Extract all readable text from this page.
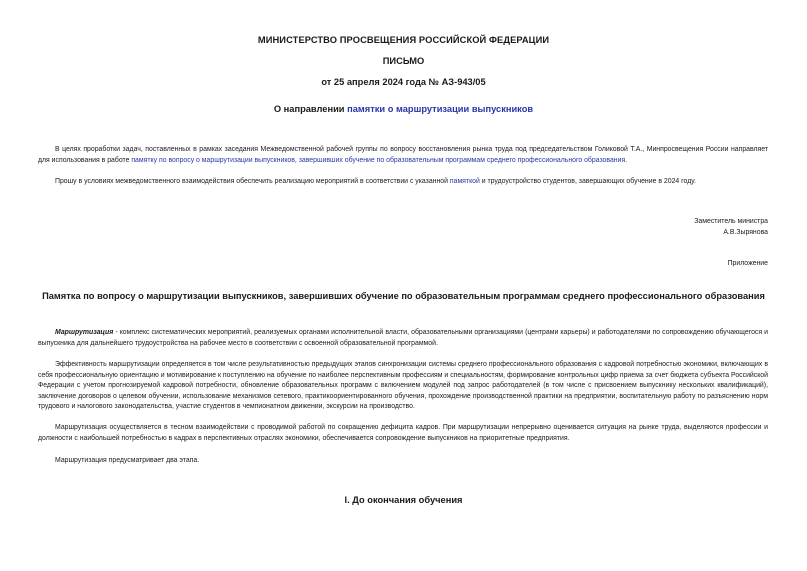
МИНИСТЕРСТВО ПРОСВЕЩЕНИЯ РОССИЙСКОЙ ФЕДЕРАЦИИ
ПИСЬМО
от 25 апреля 2024 года № АЗ-943/05
О направлении памятки о маршрутизации выпускников
В целях проработки задач, поставленных в рамках заседания Межведомственной рабочей группы по вопросу восстановления рынка труда под председательством Голиковой Т.А., Минпросвещения России направляет для использования в работе памятку по вопросу о маршрутизации выпускников, завершивших обучение по образовательным программам среднего профессионального образования.
Прошу в условиях межведомственного взаимодействия обеспечить реализацию мероприятий в соответствии с указанной памяткой и трудоустройство студентов, завершающих обучение в 2024 году.
Заместитель министра
А.В.Зырянова
Приложение
Памятка по вопросу о маршрутизации выпускников, завершивших обучение по образовательным программам среднего профессионального образования
Маршрутизация - комплекс систематических мероприятий, реализуемых органами исполнительной власти, образовательными организациями (центрами карьеры) и работодателями по сопровождению обучающегося и выпускника для дальнейшего трудоустройства на рабочее место в соответствии с освоенной образовательной программой.
Эффективность маршрутизации определяется в том числе результативностью предыдущих этапов синхронизации системы среднего профессионального образования с кадровой потребностью экономики, включающих в себя профессиональную ориентацию и мотивирование к поступлению на обучение по наиболее перспективным профессиям и специальностям, формирование контрольных цифр приема за счет бюджета субъекта Российской Федерации с учетом прогнозируемой кадровой потребности, обновление образовательных программ с включением модулей под запрос работодателей (в том числе с присвоением выпускнику нескольких квалификаций), заключение договоров о целевом обучении, использование механизмов сетевого, практикоориентированного обучения, прохождение производственной практики на предприятии, воспитательную работу по разъяснению норм трудового и налогового законодательства, участие студентов в чемпионатном движении, экскурсии на производство.
Маршрутизация осуществляется в тесном взаимодействии с проводимой работой по сокращению дефицита кадров. При маршрутизации непрерывно оценивается ситуация на рынке труда, выделяются профессии и должности с наибольшей потребностью в кадрах в перспективных отраслях экономики, обеспечивается сопровождение выпускников на приоритетные предприятия.
Маршрутизация предусматривает два этапа.
I. До окончания обучения
